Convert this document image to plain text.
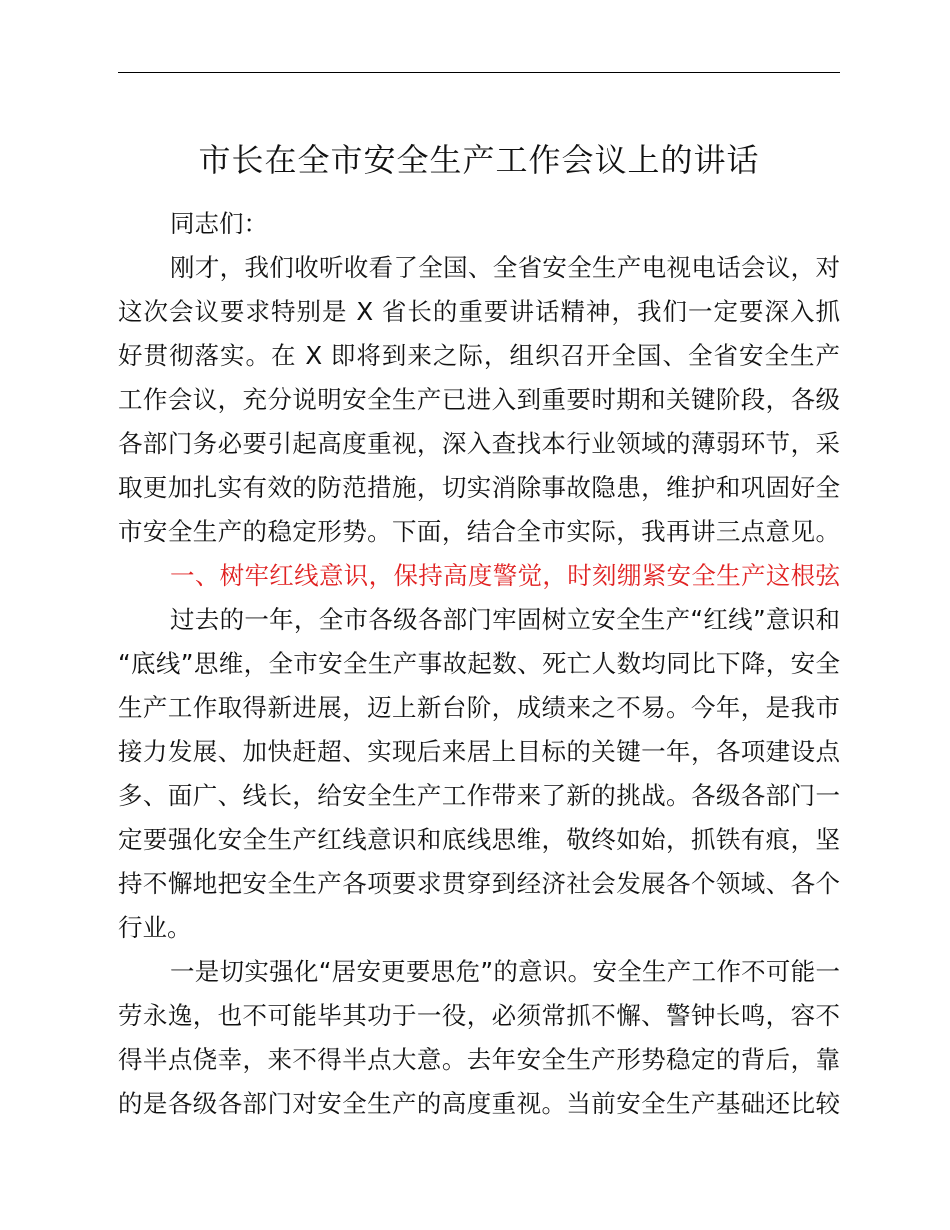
市长在全市安全生产工作会议上的讲话
同志们：
刚才，我们收听收看了全国、全省安全生产电视电话会议，对
这次会议要求特别是 X 省长的重要讲话精神，我们一定要深入抓
好贯彻落实。在 X 即将到来之际，组织召开全国、全省安全生产
工作会议，充分说明安全生产已进入到重要时期和关键阶段，各级
各部门务必要引起高度重视，深入查找本行业领域的薄弱环节，采
取更加扎实有效的防范措施，切实消除事故隐患，维护和巩固好全
市安全生产的稳定形势。下面，结合全市实际，我再讲三点意见。
一、树牢红线意识，保持高度警觉，时刻绷紧安全生产这根弦
过去的一年，全市各级各部门牢固树立安全生产“红线”意识和
“底线”思维，全市安全生产事故起数、死亡人数均同比下降，安全
生产工作取得新进展，迈上新台阶，成绩来之不易。今年，是我市
接力发展、加快赶超、实现后来居上目标的关键一年，各项建设点
多、面广、线长，给安全生产工作带来了新的挑战。各级各部门一
定要强化安全生产红线意识和底线思维，敬终如始，抓铁有痕，坚
持不懈地把安全生产各项要求贯穿到经济社会发展各个领域、各个
行业。
一是切实强化“居安更要思危”的意识。安全生产工作不可能一
劳永逸，也不可能毕其功于一役，必须常抓不懈、警钟长鸣，容不
得半点侥幸，来不得半点大意。去年安全生产形势稳定的背后，靠
的是各级各部门对安全生产的高度重视。当前安全生产基础还比较
